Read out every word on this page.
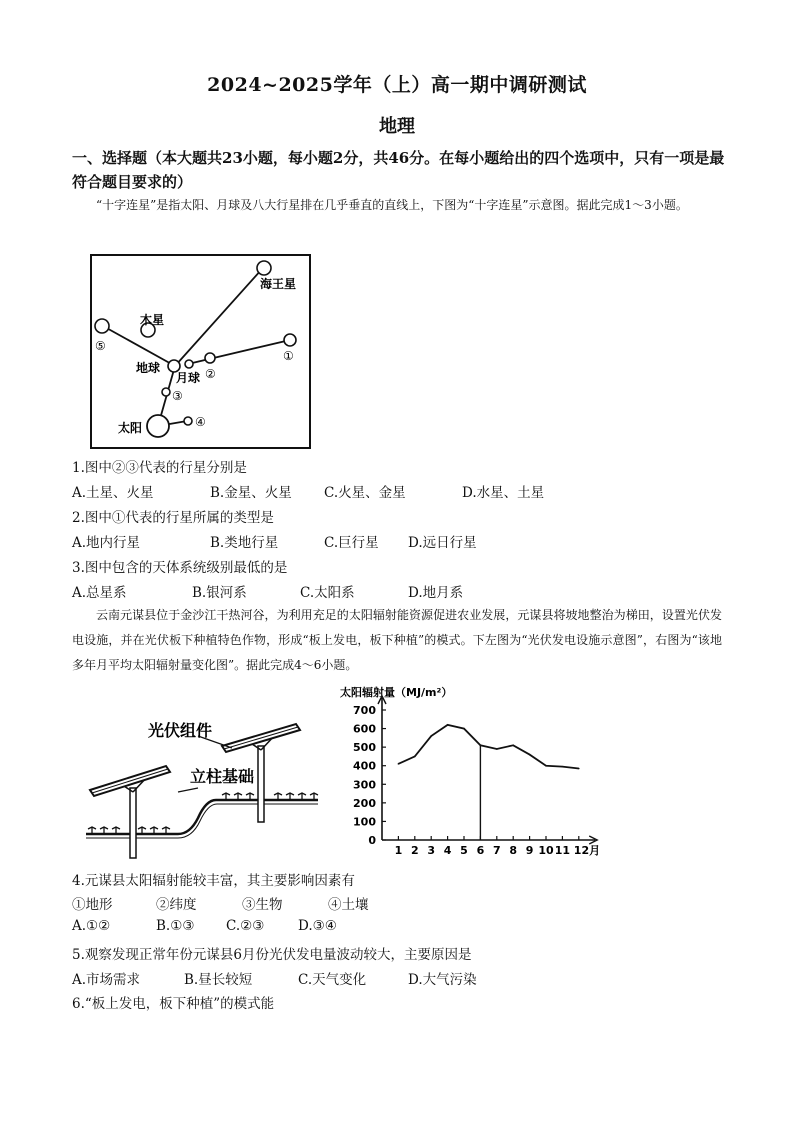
2024~2025学年（上）高一期中调研测试
地理
一、选择题（本大题共23小题，每小题2分，共46分。在每小题给出的四个选项中，只有一项是最符合题目要求的）
“十字连星”是指太阳、月球及八大行星排在几乎垂直的直线上，下图为“十字连星”示意图。据此完成1～3小题。
海王星
木星
⑤
①
②
地球
月球
③
太阳	④
1.图中②③代表的行星分别是
A.土星、火星	B.金星、火星 C.火星、金星	D.水星、土星
2.图中①代表的行星所属的类型是
A.地内行星	B.类地行星	C.巨行星 D.远日行星
3.图中包含的天体系统级别最低的是
A.总星系	B.银河系	C.太阳系	D.地月系
云南元谋县位于金沙江干热河谷，为利用充足的太阳辐射能资源促进农业发展，元谋县将坡地整治为梯田，设置光伏发电设施，并在光伏板下种植特色作物，形成“板上发电，板下种植”的模式。下左图为“光伏发电设施示意图”，右图为“该地多年月平均太阳辐射量变化图”。据此完成4～6小题。
光伏组件
立柱基础
太阳辐射量（MJ/m²）
0
100
200
300
400
500
600
700
1 2 3 4 5 6 7 8 9 10 11 12月
4.元谋县太阳辐射能较丰富，其主要影响因素有
①地形	②纬度	③生物	④土壤
A.①②	B.①③ C.②③ D.③④
5.观察发现正常年份元谋县6月份光伏发电量波动较大，主要原因是
A.市场需求	B.昼长较短	C.天气变化	D.大气污染
6.“板上发电，板下种植”的模式能
